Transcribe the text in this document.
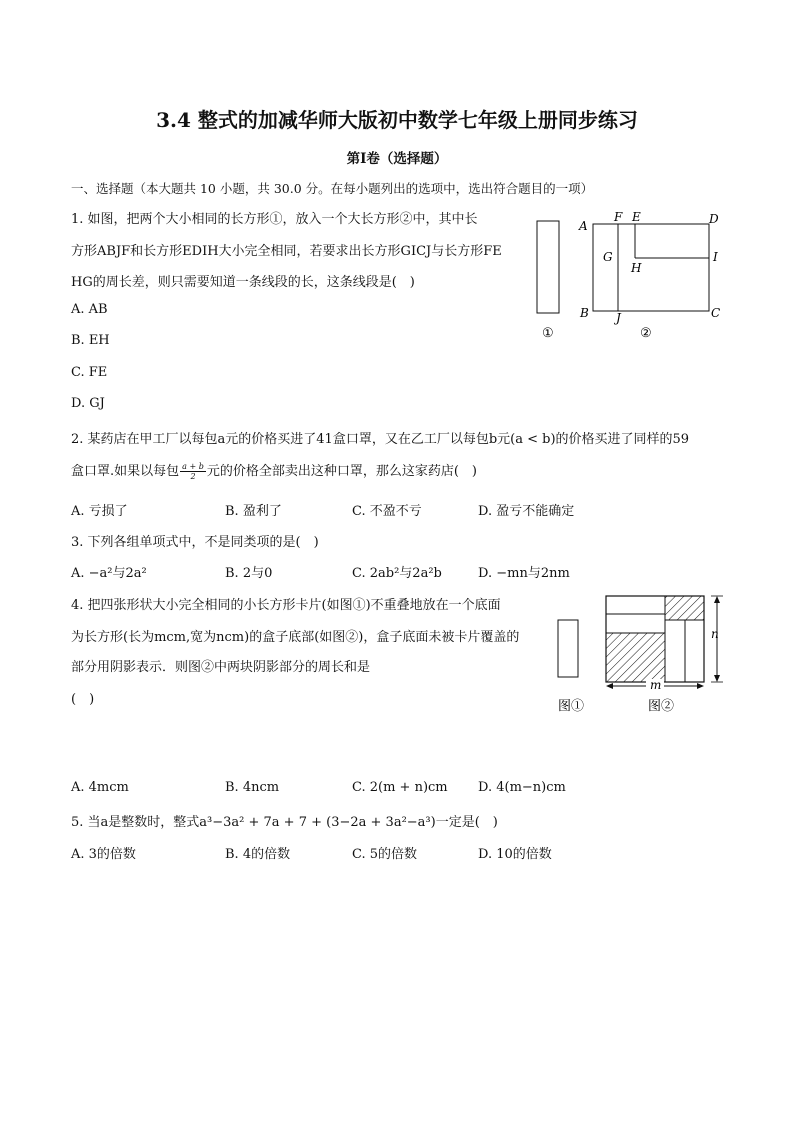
3.4 整式的加减华师大版初中数学七年级上册同步练习
第I卷（选择题）
一、选择题（本大题共 10 小题，共 30.0 分。在每小题列出的选项中，选出符合题目的一项）
1. 如图，把两个大小相同的长方形①，放入一个大长方形②中，其中长
方形ABJF和长方形EDIH大小完全相同，若要求出长方形GICJ与长方形FE
HG的周长差，则只需要知道一条线段的长，这条线段是(　)
A. AB
B. EH
C. FE
D. GJ
A
F E	D
G
H
I
B J	C
①	②
2. 某药店在甲工厂以每包a元的价格买进了41盒口罩，又在乙工厂以每包b元(a < b)的价格买进了同样的59
盒口罩.如果以每包 $\frac{a + b}{2}$ 元的价格全部卖出这种口罩，那么这家药店(　)
A. 亏损了	B. 盈利了	C. 不盈不亏	D. 盈亏不能确定
3. 下列各组单项式中，不是同类项的是(　)
A. −a²与2a²	B. 2与0	C. 2ab²与2a²b	D. −mn与2nm
4. 把四张形状大小完全相同的小长方形卡片(如图①)不重叠地放在一个底面
为长方形(长为mcm,宽为ncm)的盒子底部(如图②)，盒子底面未被卡片覆盖的
部分用阴影表示．则图②中两块阴影部分的周长和是
(　)
n
m
图①	图②
A. 4mcm	B. 4ncm	C. 2(m + n)cm D. 4(m−n)cm
5. 当a是整数时，整式a³−3a² + 7a + 7 + (3−2a + 3a²−a³)一定是(　)
A. 3的倍数	B. 4的倍数	C. 5的倍数	D. 10的倍数
